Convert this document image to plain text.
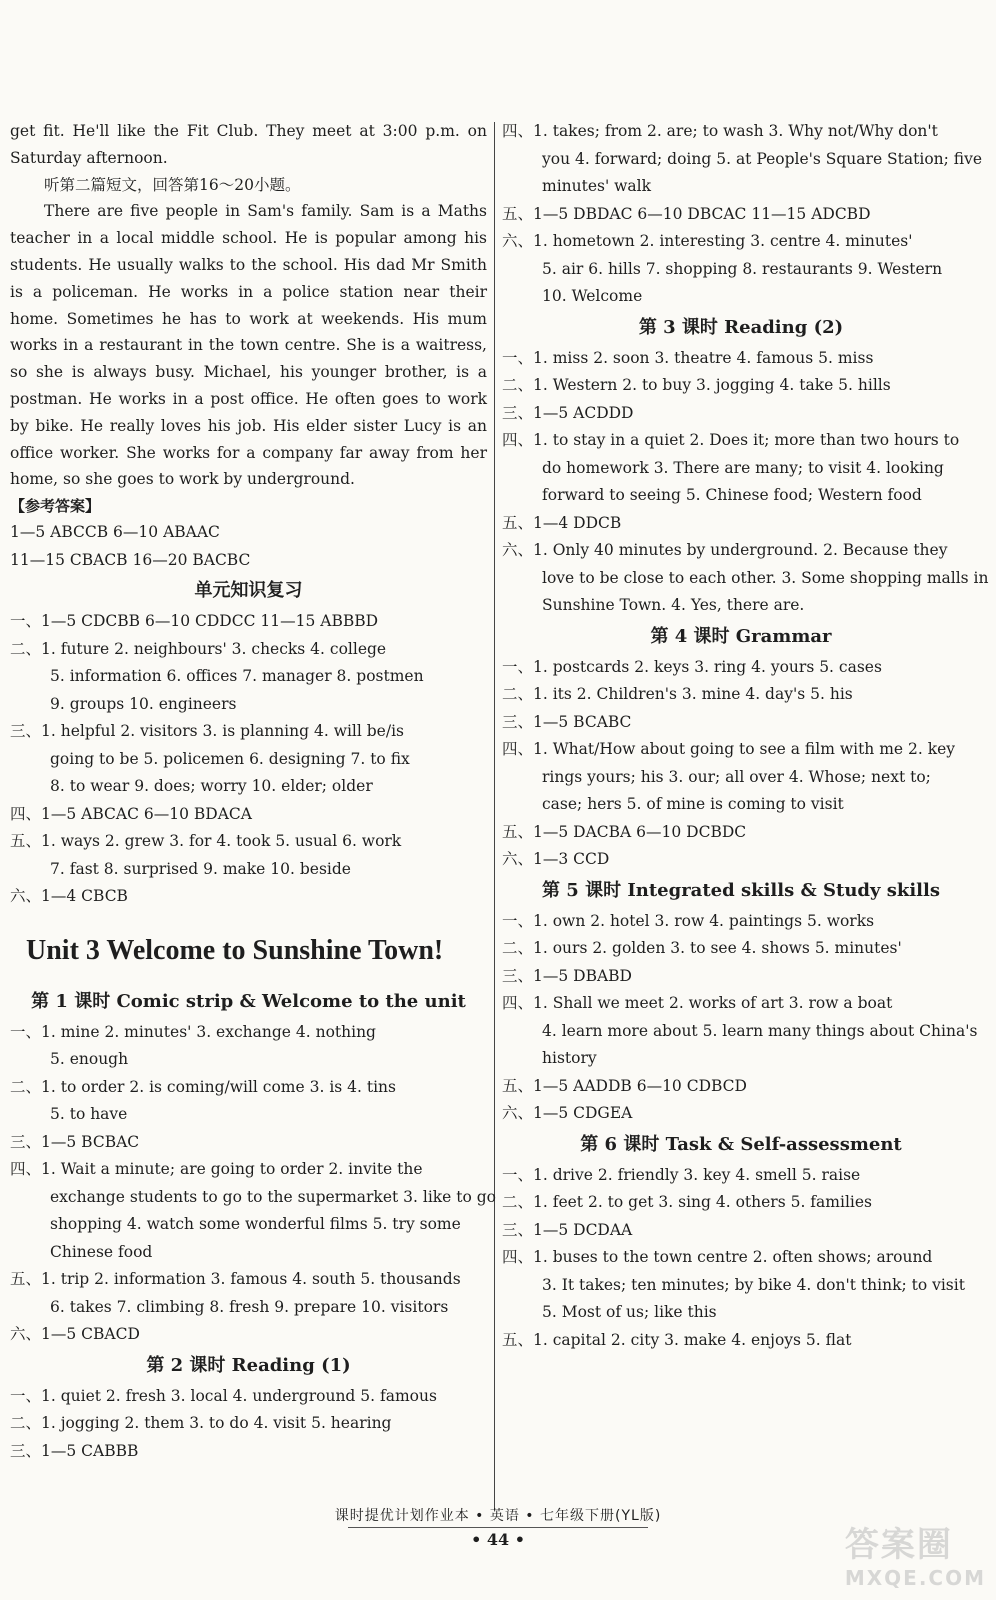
get fit. He'll like the Fit Club. They meet at 3:00 p.m. on Saturday afternoon.

听第二篇短文，回答第16～20小题。

There are five people in Sam's family. Sam is a Maths teacher in a local middle school. He is popular among his students. He usually walks to the school. His dad Mr Smith is a policeman. He works in a police station near their home. Sometimes he has to work at weekends. His mum works in a restaurant in the town centre. She is a waitress, so she is always busy. Michael, his younger brother, is a postman. He works in a post office. He often goes to work by bike. He really loves his job. His elder sister Lucy is an office worker. She works for a company far away from her home, so she goes to work by underground.

【参考答案】
1—5 ABCCB 6—10 ABAAC
11—15 CBACB 16—20 BACBC
单元知识复习
一、1—5 CDCBB 6—10 CDDCC 11—15 ABBBD
二、1. future 2. neighbours' 3. checks 4. college
5. information 6. offices 7. manager 8. postmen
9. groups 10. engineers
三、1. helpful 2. visitors 3. is planning 4. will be/is
going to be 5. policemen 6. designing 7. to fix
8. to wear 9. does; worry 10. elder; older
四、1—5 ABCAC 6—10 BDACA
五、1. ways 2. grew 3. for 4. took 5. usual 6. work
7. fast 8. surprised 9. make 10. beside
六、1—4 CBCB
Unit 3 Welcome to Sunshine Town!
第 1 课时 Comic strip & Welcome to the unit
一、1. mine 2. minutes' 3. exchange 4. nothing
5. enough
二、1. to order 2. is coming/will come 3. is 4. tins
5. to have
三、1—5 BCBAC
四、1. Wait a minute; are going to order 2. invite the
exchange students to go to the supermarket 3. like to go
shopping 4. watch some wonderful films 5. try some
Chinese food
五、1. trip 2. information 3. famous 4. south 5. thousands
6. takes 7. climbing 8. fresh 9. prepare 10. visitors
六、1—5 CBACD
第 2 课时 Reading (1)
一、1. quiet 2. fresh 3. local 4. underground 5. famous
二、1. jogging 2. them 3. to do 4. visit 5. hearing
三、1—5 CABBB
四、1. takes; from 2. are; to wash 3. Why not/Why don't
you 4. forward; doing 5. at People's Square Station; five
minutes' walk
五、1—5 DBDAC 6—10 DBCAC 11—15 ADCBD
六、1. hometown 2. interesting 3. centre 4. minutes'
5. air 6. hills 7. shopping 8. restaurants 9. Western
10. Welcome
第 3 课时 Reading (2)
一、1. miss 2. soon 3. theatre 4. famous 5. miss
二、1. Western 2. to buy 3. jogging 4. take 5. hills
三、1—5 ACDDD
四、1. to stay in a quiet 2. Does it; more than two hours to
do homework 3. There are many; to visit 4. looking
forward to seeing 5. Chinese food; Western food
五、1—4 DDCB
六、1. Only 40 minutes by underground. 2. Because they
love to be close to each other. 3. Some shopping malls in
Sunshine Town. 4. Yes, there are.
第 4 课时 Grammar
一、1. postcards 2. keys 3. ring 4. yours 5. cases
二、1. its 2. Children's 3. mine 4. day's 5. his
三、1—5 BCABC
四、1. What/How about going to see a film with me 2. key
rings yours; his 3. our; all over 4. Whose; next to;
case; hers 5. of mine is coming to visit
五、1—5 DACBA 6—10 DCBDC
六、1—3 CCD
第 5 课时 Integrated skills & Study skills
一、1. own 2. hotel 3. row 4. paintings 5. works
二、1. ours 2. golden 3. to see 4. shows 5. minutes'
三、1—5 DBABD
四、1. Shall we meet 2. works of art 3. row a boat
4. learn more about 5. learn many things about China's
history
五、1—5 AADDB 6—10 CDBCD
六、1—5 CDGEA
第 6 课时 Task & Self-assessment
一、1. drive 2. friendly 3. key 4. smell 5. raise
二、1. feet 2. to get 3. sing 4. others 5. families
三、1—5 DCDAA
四、1. buses to the town centre 2. often shows; around
3. It takes; ten minutes; by bike 4. don't think; to visit
5. Most of us; like this
五、1. capital 2. city 3. make 4. enjoys 5. flat
课时提优计划作业本 • 英语 • 七年级下册(YL版)
• 44 •	答案圈
MXQE.COM
